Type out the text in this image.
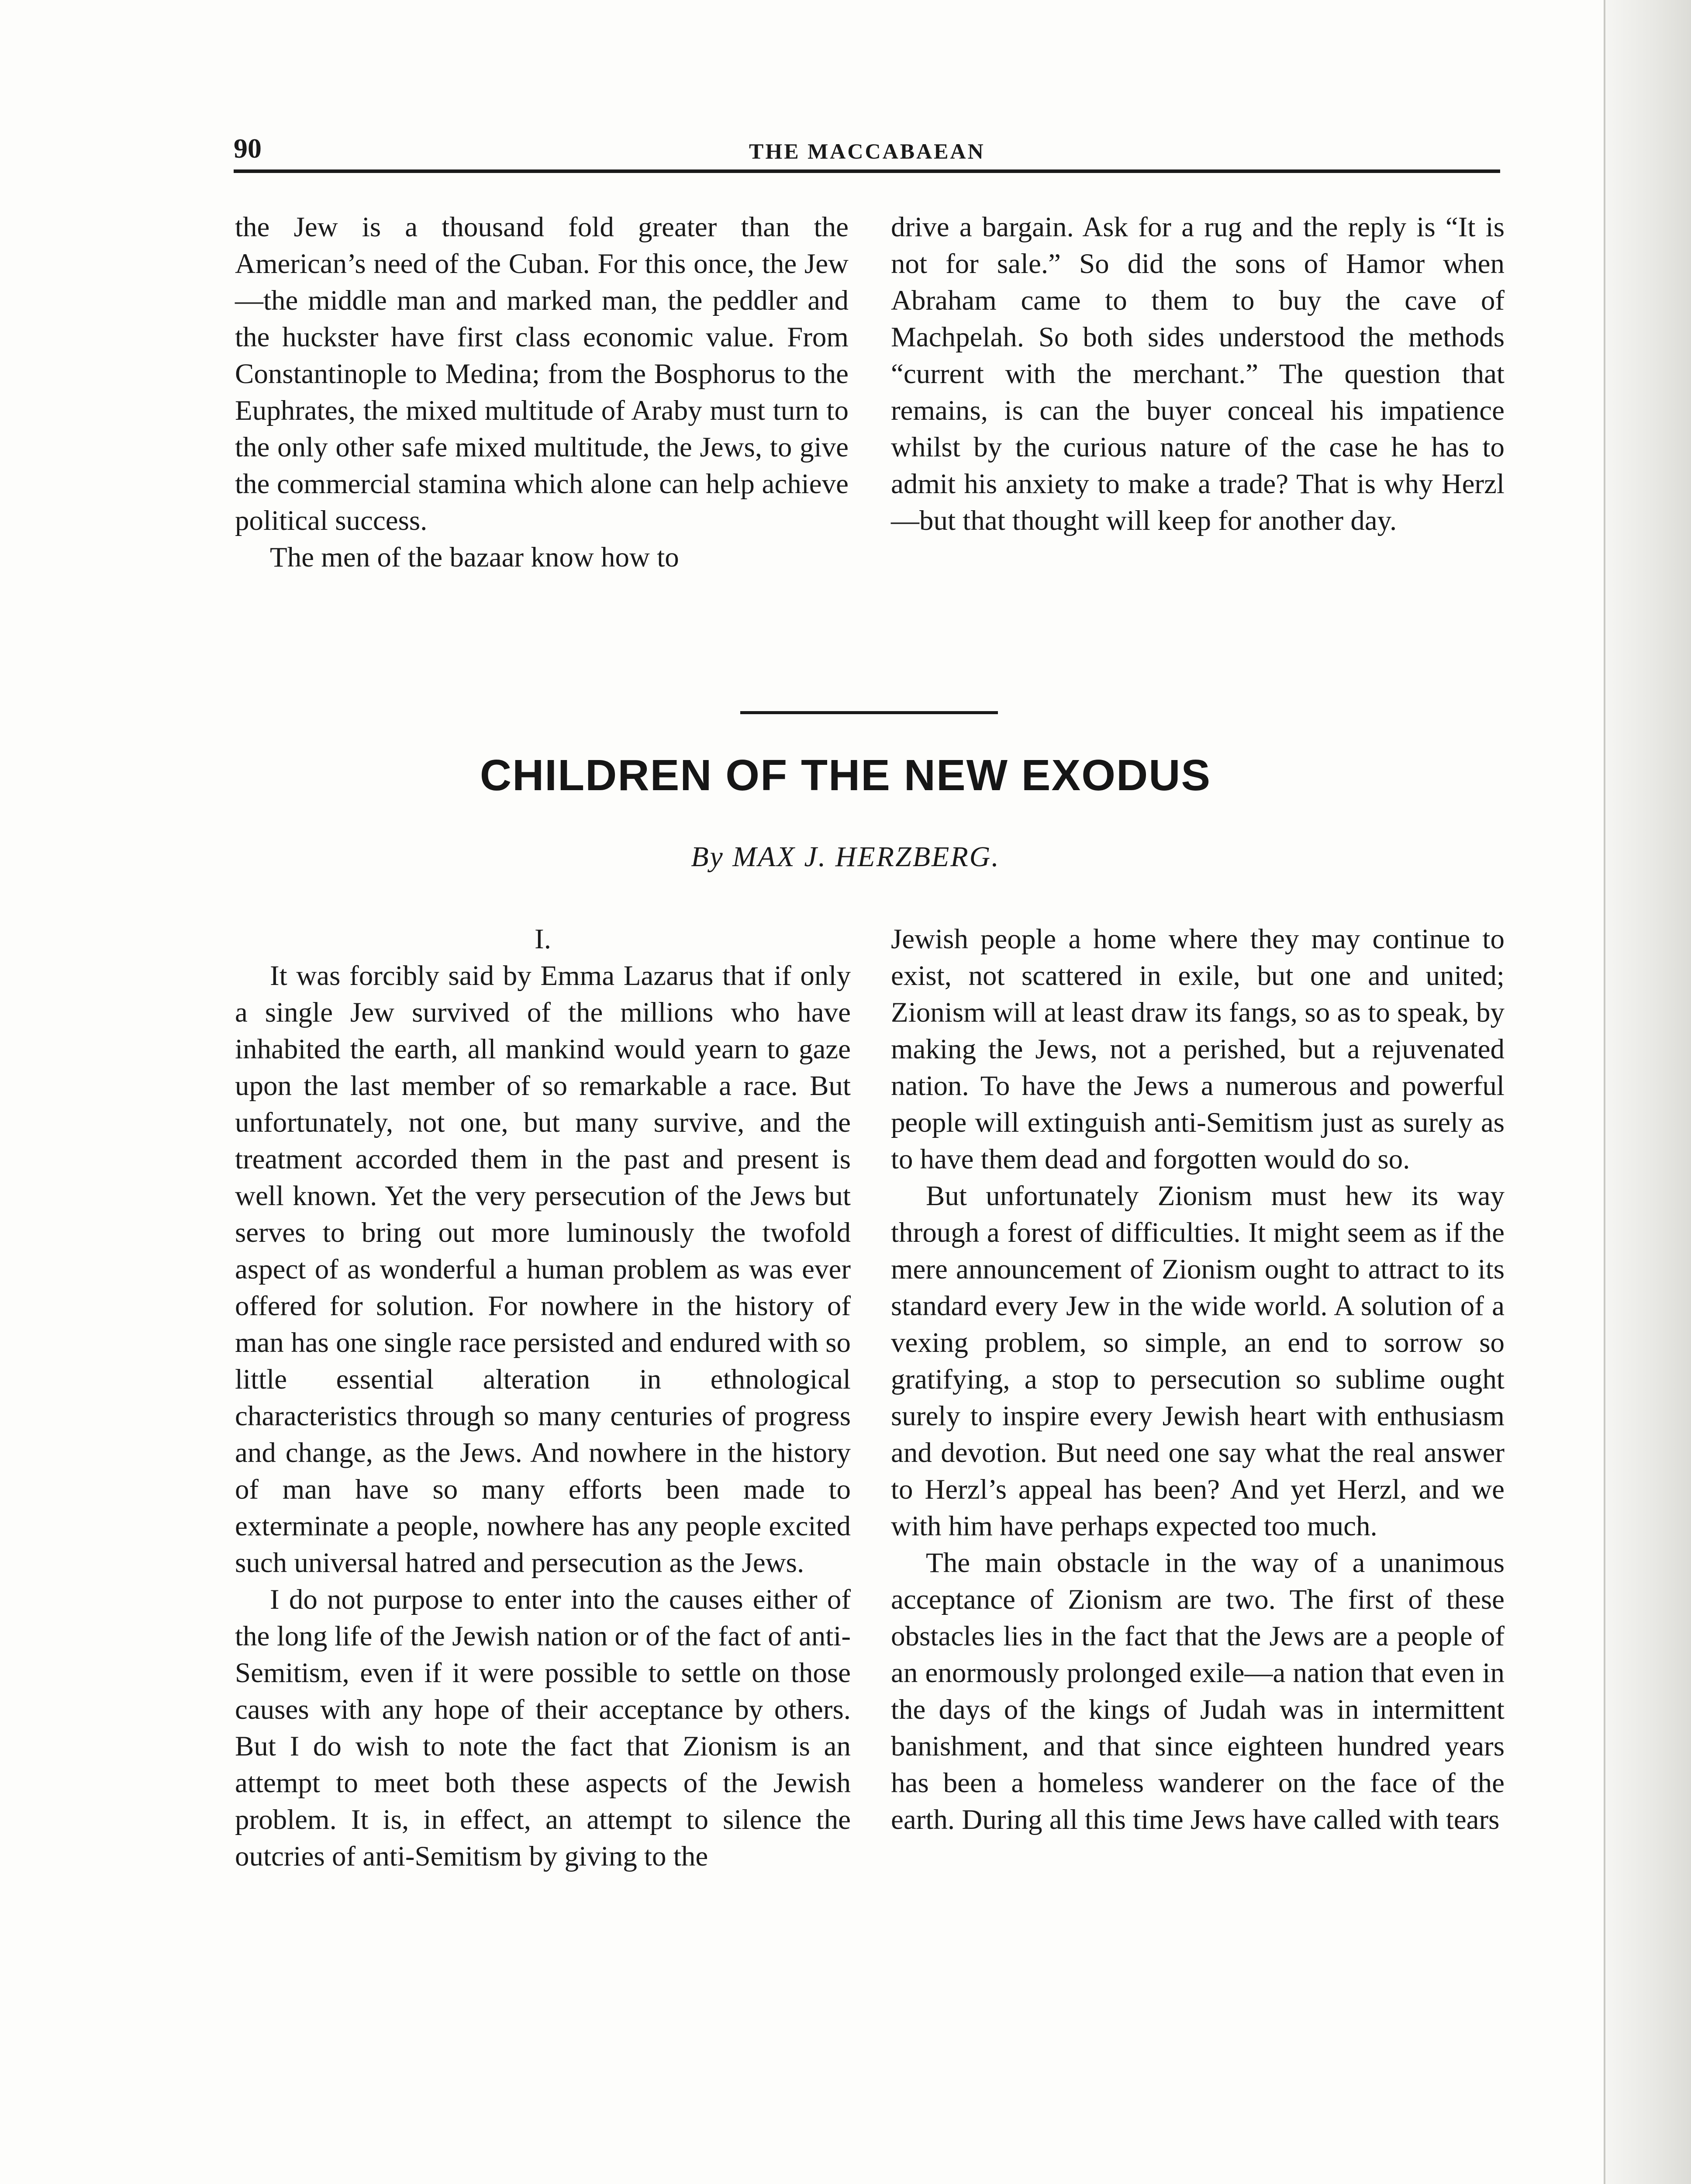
90	THE MACCABAEAN

the Jew is a thousand fold greater than the American’s need of the Cuban. For this once, the Jew—the middle man and marked man, the peddler and the huckster have first class economic value. From Constantinople to Medina; from the Bosphorus to the Euphrates, the mixed multitude of Araby must turn to the only other safe mixed multitude, the Jews, to give the commercial stamina which alone can help achieve political success.

The men of the bazaar know how to

drive a bargain. Ask for a rug and the reply is “It is not for sale.” So did the sons of Hamor when Abraham came to them to buy the cave of Machpelah. So both sides understood the methods “current with the merchant.” The question that remains, is can the buyer conceal his impatience whilst by the curious nature of the case he has to admit his anxiety to make a trade? That is why Herzl—but that thought will keep for another day.

CHILDREN OF THE NEW EXODUS
By MAX J. HERZBERG.

I.

It was forcibly said by Emma Lazarus that if only a single Jew survived of the millions who have inhabited the earth, all mankind would yearn to gaze upon the last member of so remarkable a race. But unfortunately, not one, but many survive, and the treatment accorded them in the past and present is well known. Yet the very persecution of the Jews but serves to bring out more luminously the twofold aspect of as wonderful a human problem as was ever offered for solution. For nowhere in the history of man has one single race persisted and endured with so little essential alteration in ethnological characteristics through so many centuries of progress and change, as the Jews. And nowhere in the history of man have so many efforts been made to exterminate a people, nowhere has any people excited such universal hatred and persecution as the Jews.

I do not purpose to enter into the causes either of the long life of the Jewish nation or of the fact of anti-Semitism, even if it were possible to settle on those causes with any hope of their acceptance by others. But I do wish to note the fact that Zionism is an attempt to meet both these aspects of the Jewish problem. It is, in effect, an attempt to silence the outcries of anti-Semitism by giving to the

Jewish people a home where they may continue to exist, not scattered in exile, but one and united; Zionism will at least draw its fangs, so as to speak, by making the Jews, not a perished, but a rejuvenated nation. To have the Jews a numerous and powerful people will extinguish anti-Semitism just as surely as to have them dead and forgotten would do so.

But unfortunately Zionism must hew its way through a forest of difficulties. It might seem as if the mere announcement of Zionism ought to attract to its standard every Jew in the wide world. A solution of a vexing problem, so simple, an end to sorrow so gratifying, a stop to persecution so sublime ought surely to inspire every Jewish heart with enthusiasm and devotion. But need one say what the real answer to Herzl’s appeal has been? And yet Herzl, and we with him have perhaps expected too much.

The main obstacle in the way of a unanimous acceptance of Zionism are two. The first of these obstacles lies in the fact that the Jews are a people of an enormously prolonged exile—a nation that even in the days of the kings of Judah was in intermittent banishment, and that since eighteen hundred years has been a homeless wanderer on the face of the earth. During all this time Jews have called with tears
